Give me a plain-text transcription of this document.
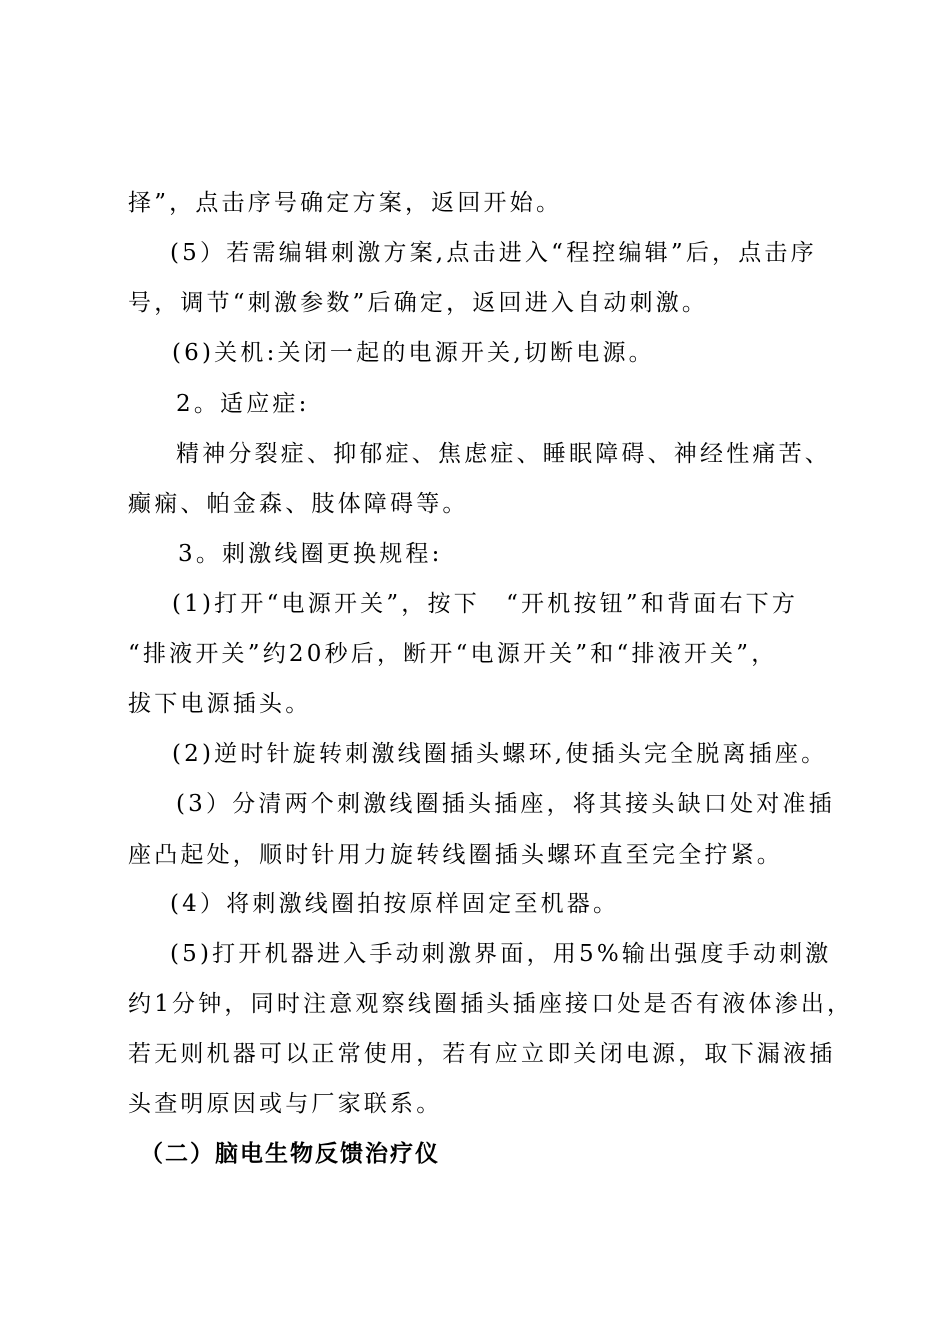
择”，点击序号确定方案，返回开始。
(5）若需编辑刺激方案,点击进入“程控编辑”后，点击序
号，调节“刺激参数”后确定，返回进入自动刺激。
(6)关机:关闭一起的电源开关,切断电源。
2。适应症:
精神分裂症、抑郁症、焦虑症、睡眠障碍、神经性痛苦、
癫痫、帕金森、肢体障碍等。
3。刺激线圈更换规程:
(1)打开“电源开关”，按下　“开机按钮”和背面右下方
“排液开关”约20秒后，断开“电源开关”和“排液开关”，
拔下电源插头。
(2)逆时针旋转刺激线圈插头螺环,使插头完全脱离插座。
(3）分清两个刺激线圈插头插座，将其接头缺口处对准插
座凸起处，顺时针用力旋转线圈插头螺环直至完全拧紧。
(4）将刺激线圈拍按原样固定至机器。
(5)打开机器进入手动刺激界面，用5%输出强度手动刺激
约1分钟，同时注意观察线圈插头插座接口处是否有液体渗出，
若无则机器可以正常使用，若有应立即关闭电源，取下漏液插
头查明原因或与厂家联系。
（二）脑电生物反馈治疗仪
